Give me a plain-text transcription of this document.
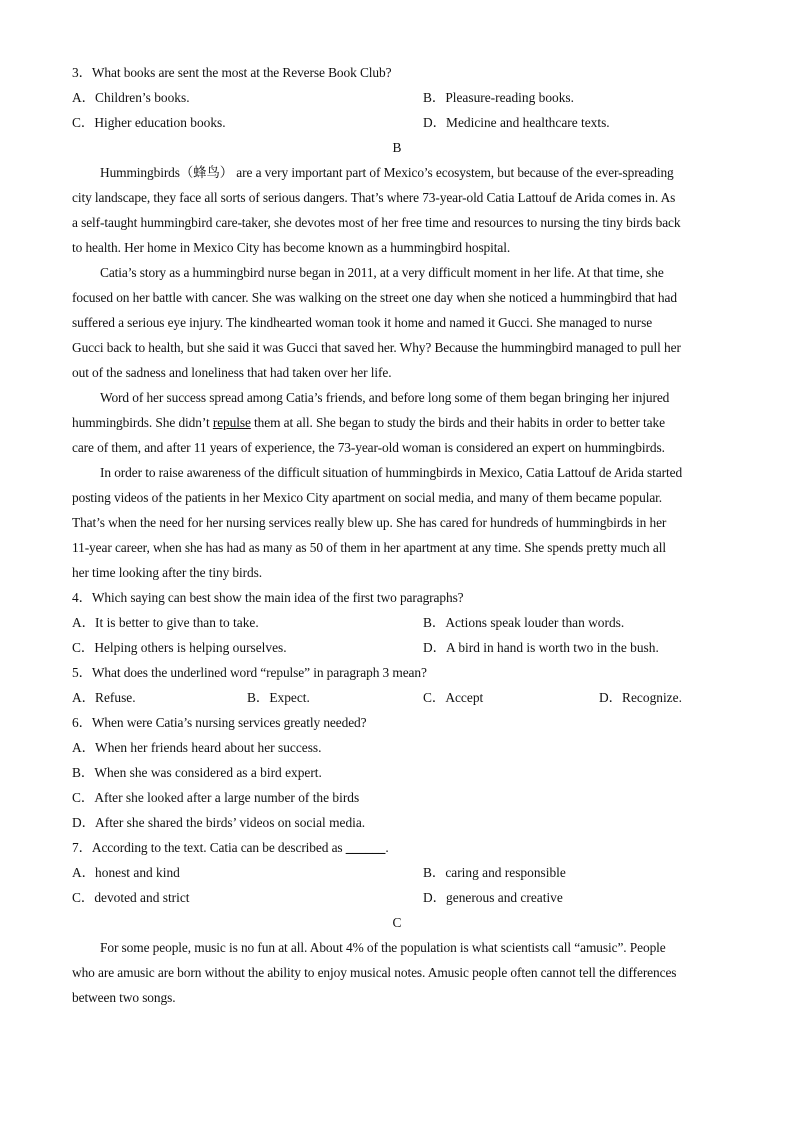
3．What books are sent the most at the Reverse Book Club?
A．Children’s books.	B．Pleasure-reading books.
C．Higher education books.	D．Medicine and healthcare texts.
B
Hummingbirds（蜂鸟） are a very important part of Mexico’s ecosystem, but because of the ever-spreading
city landscape, they face all sorts of serious dangers. That’s where 73-year-old Catia Lattouf de Arida comes in. As
a self-taught hummingbird care-taker, she devotes most of her free time and resources to nursing the tiny birds back
to health. Her home in Mexico City has become known as a hummingbird hospital.
Catia’s story as a hummingbird nurse began in 2011, at a very difficult moment in her life. At that time, she
focused on her battle with cancer. She was walking on the street one day when she noticed a hummingbird that had
suffered a serious eye injury. The kindhearted woman took it home and named it Gucci. She managed to nurse
Gucci back to health, but she said it was Gucci that saved her. Why? Because the hummingbird managed to pull her
out of the sadness and loneliness that had taken over her life.
Word of her success spread among Catia’s friends, and before long some of them began bringing her injured
hummingbirds. She didn’t repulse them at all. She began to study the birds and their habits in order to better take
care of them, and after 11 years of experience, the 73-year-old woman is considered an expert on hummingbirds.
In order to raise awareness of the difficult situation of hummingbirds in Mexico, Catia Lattouf de Arida started
posting videos of the patients in her Mexico City apartment on social media, and many of them became popular.
That’s when the need for her nursing services really blew up. She has cared for hundreds of hummingbirds in her
11-year career, when she has had as many as 50 of them in her apartment at any time. She spends pretty much all
her time looking after the tiny birds.
4．Which saying can best show the main idea of the first two paragraphs?
A．It is better to give than to take.	B．Actions speak louder than words.
C．Helping others is helping ourselves.	D．A bird in hand is worth two in the bush.
5．What does the underlined word “repulse” in paragraph 3 mean?
A．Refuse.	B．Expect.	C．Accept	D．Recognize.
6．When were Catia’s nursing services greatly needed?
A．When her friends heard about her success.
B．When she was considered as a bird expert.
C．After she looked after a large number of the birds
D．After she shared the birds’ videos on social media.
7．According to the text. Catia can be described as ______.
A．honest and kind	B．caring and responsible
C．devoted and strict	D．generous and creative
C
For some people, music is no fun at all. About 4% of the population is what scientists call “amusic”. People
who are amusic are born without the ability to enjoy musical notes. Amusic people often cannot tell the differences
between two songs.
